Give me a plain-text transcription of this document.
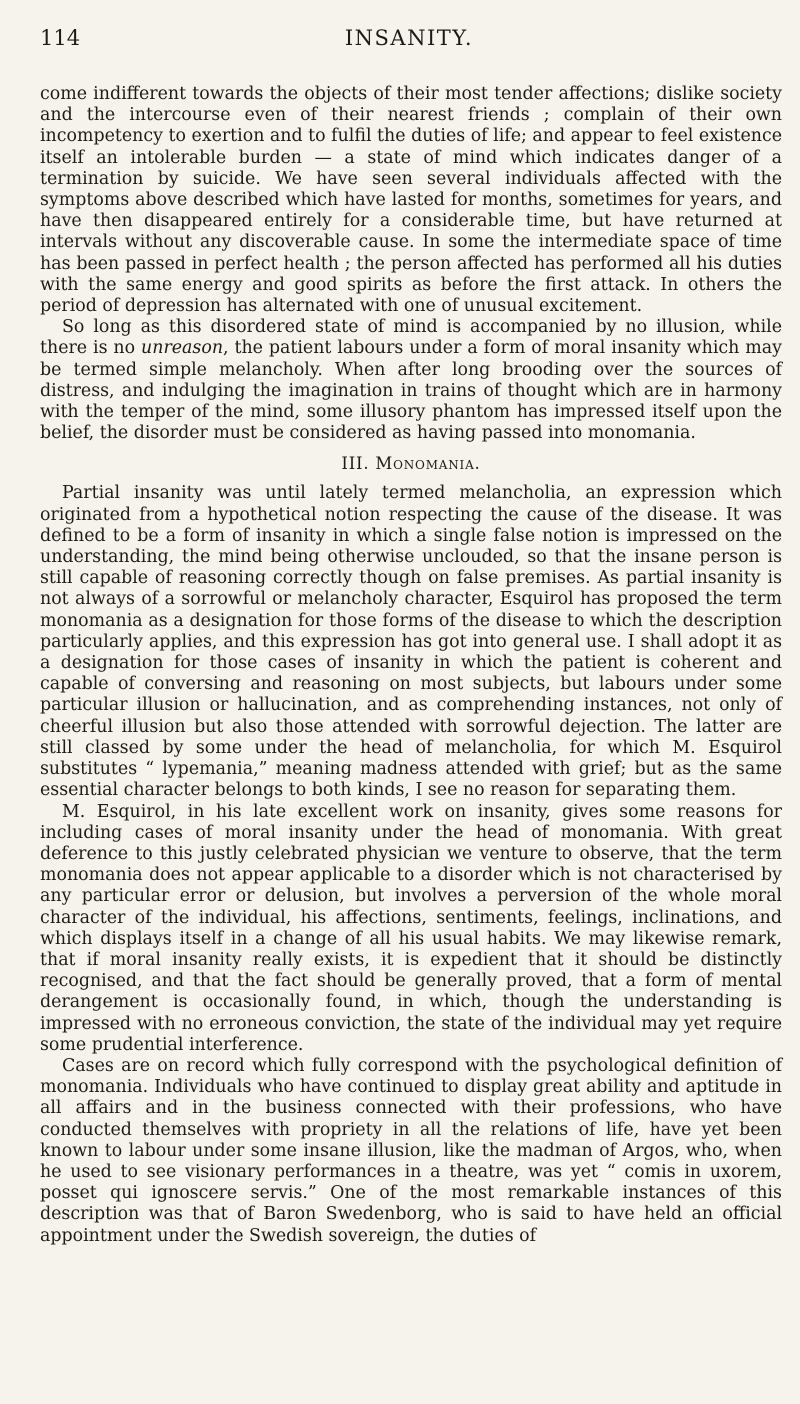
114	INSANITY.

come indifferent towards the objects of their most tender affections; dislike society and the intercourse even of their nearest friends ; complain of their own incompetency to exertion and to fulfil the duties of life; and appear to feel existence itself an intolerable burden — a state of mind which indicates danger of a termination by suicide. We have seen several individuals affected with the symptoms above described which have lasted for months, sometimes for years, and have then disappeared entirely for a considerable time, but have returned at intervals without any discoverable cause. In some the intermediate space of time has been passed in perfect health ; the person affected has performed all his duties with the same energy and good spirits as before the first attack. In others the period of depression has alternated with one of unusual excitement.

So long as this disordered state of mind is accompanied by no illusion, while there is no unreason, the patient labours under a form of moral insanity which may be termed simple melancholy. When after long brooding over the sources of distress, and indulging the imagination in trains of thought which are in harmony with the temper of the mind, some illusory phantom has impressed itself upon the belief, the disorder must be considered as having passed into monomania.

III. Monomania.

Partial insanity was until lately termed melancholia, an expression which originated from a hypothetical notion respecting the cause of the disease. It was defined to be a form of insanity in which a single false notion is impressed on the understanding, the mind being otherwise unclouded, so that the insane person is still capable of reasoning correctly though on false premises. As partial insanity is not always of a sorrowful or melancholy character, Esquirol has proposed the term monomania as a designation for those forms of the disease to which the description particularly applies, and this expression has got into general use. I shall adopt it as a designation for those cases of insanity in which the patient is coherent and capable of conversing and reasoning on most subjects, but labours under some particular illusion or hallucination, and as comprehending instances, not only of cheerful illusion but also those attended with sorrowful dejection. The latter are still classed by some under the head of melancholia, for which M. Esquirol substitutes “ lypemania,” meaning madness attended with grief; but as the same essential character belongs to both kinds, I see no reason for separating them.

M. Esquirol, in his late excellent work on insanity, gives some reasons for including cases of moral insanity under the head of monomania. With great deference to this justly celebrated physician we venture to observe, that the term monomania does not appear applicable to a disorder which is not characterised by any particular error or delusion, but involves a perversion of the whole moral character of the individual, his affections, sentiments, feelings, inclinations, and which displays itself in a change of all his usual habits. We may likewise remark, that if moral insanity really exists, it is expedient that it should be distinctly recognised, and that the fact should be generally proved, that a form of mental derangement is occasionally found, in which, though the understanding is impressed with no erroneous conviction, the state of the individual may yet require some prudential interference.

Cases are on record which fully correspond with the psychological definition of monomania. Individuals who have continued to display great ability and aptitude in all affairs and in the business connected with their professions, who have conducted themselves with propriety in all the relations of life, have yet been known to labour under some insane illusion, like the madman of Argos, who, when he used to see visionary performances in a theatre, was yet “ comis in uxorem, posset qui ignoscere servis.” One of the most remarkable instances of this description was that of Baron Swedenborg, who is said to have held an official appointment under the Swedish sovereign, the duties of
